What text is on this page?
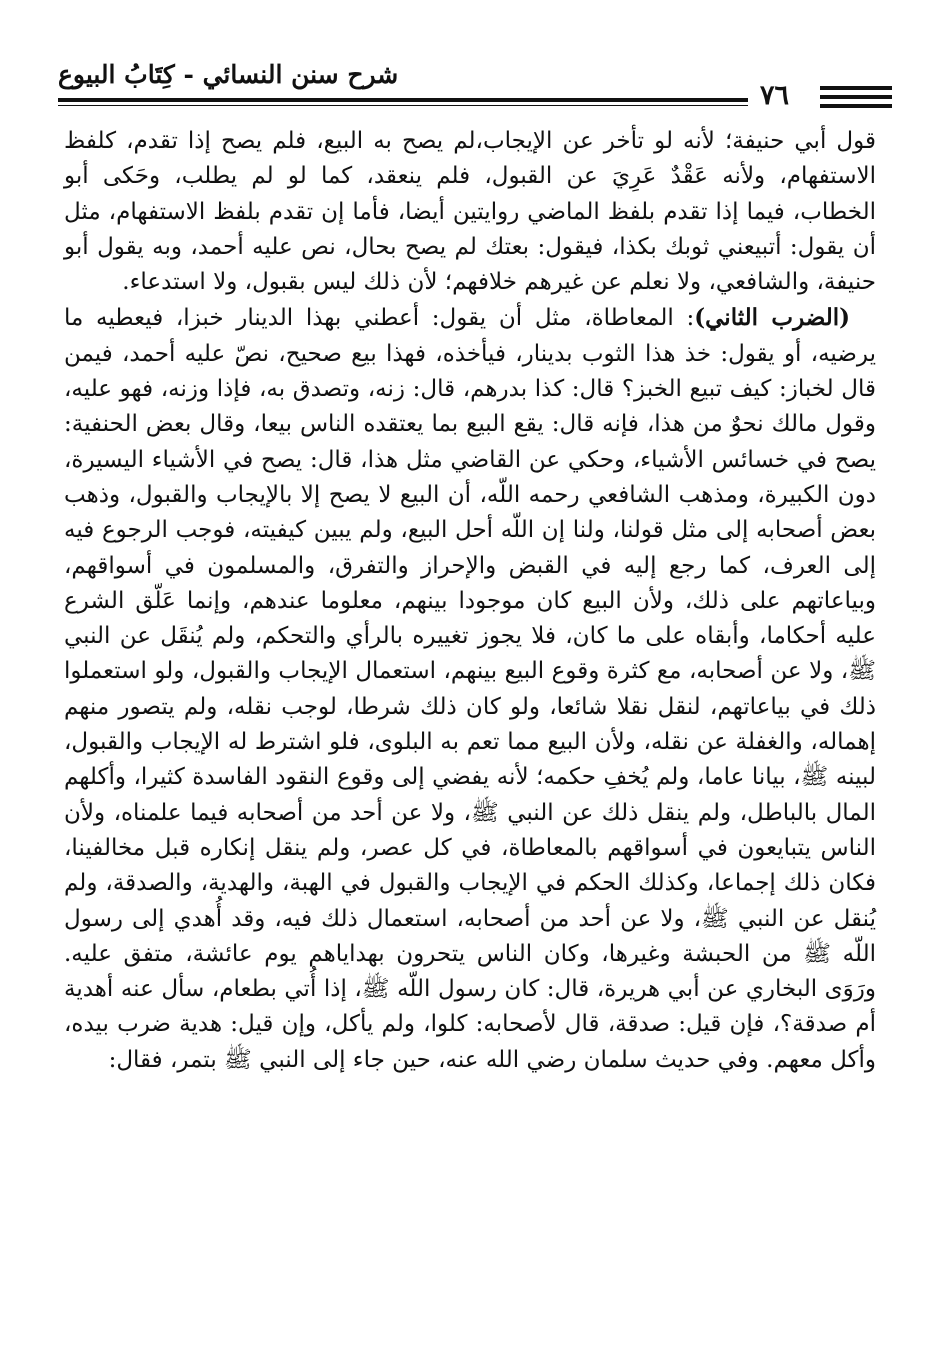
شرح سنن النسائي - كِتَابُ البيوع
٧٦

قول أبي حنيفة؛ لأنه لو تأخر عن الإيجاب،لم يصح به البيع، فلم يصح إذا تقدم، كلفظ الاستفهام، ولأنه عَقْدٌ عَرِيَ عن القبول، فلم ينعقد، كما لو لم يطلب، وحَكى أبو الخطاب، فيما إذا تقدم بلفظ الماضي روايتين أيضا، فأما إن تقدم بلفظ الاستفهام، مثل أن يقول: أتبيعني ثوبك بكذا، فيقول: بعتك لم يصح بحال، نص عليه أحمد، وبه يقول أبو حنيفة، والشافعي، ولا نعلم عن غيرهم خلافهم؛ لأن ذلك ليس بقبول، ولا استدعاء.

(الضرب الثاني): المعاطاة، مثل أن يقول: أعطني بهذا الدينار خبزا، فيعطيه ما يرضيه، أو يقول: خذ هذا الثوب بدينار، فيأخذه، فهذا بيع صحيح، نصّ عليه أحمد، فيمن قال لخباز: كيف تبيع الخبز؟ قال: كذا بدرهم، قال: زنه، وتصدق به، فإذا وزنه، فهو عليه، وقول مالك نحوٌ من هذا، فإنه قال: يقع البيع بما يعتقده الناس بيعا، وقال بعض الحنفية: يصح في خسائس الأشياء، وحكي عن القاضي مثل هذا، قال: يصح في الأشياء اليسيرة، دون الكبيرة، ومذهب الشافعي رحمه اللّه، أن البيع لا يصح إلا بالإيجاب والقبول، وذهب بعض أصحابه إلى مثل قولنا، ولنا إن اللّه أحل البيع، ولم يبين كيفيته، فوجب الرجوع فيه إلى العرف، كما رجع إليه في القبض والإحراز والتفرق، والمسلمون في أسواقهم، وبياعاتهم على ذلك، ولأن البيع كان موجودا بينهم، معلوما عندهم، وإنما عَلّق الشرع عليه أحكاما، وأبقاه على ما كان، فلا يجوز تغييره بالرأي والتحكم، ولم يُنقَل عن النبي ﷺ، ولا عن أصحابه، مع كثرة وقوع البيع بينهم، استعمال الإيجاب والقبول، ولو استعملوا ذلك في بياعاتهم، لنقل نقلا شائعا، ولو كان ذلك شرطا، لوجب نقله، ولم يتصور منهم إهماله، والغفلة عن نقله، ولأن البيع مما تعم به البلوى، فلو اشترط له الإيجاب والقبول، لبينه ﷺ، بيانا عاما، ولم يُخفِ حكمه؛ لأنه يفضي إلى وقوع النقود الفاسدة كثيرا، وأكلهم المال بالباطل، ولم ينقل ذلك عن النبي ﷺ، ولا عن أحد من أصحابه فيما علمناه، ولأن الناس يتبايعون في أسواقهم بالمعاطاة، في كل عصر، ولم ينقل إنكاره قبل مخالفينا، فكان ذلك إجماعا، وكذلك الحكم في الإيجاب والقبول في الهبة، والهدية، والصدقة، ولم يُنقل عن النبي ﷺ، ولا عن أحد من أصحابه، استعمال ذلك فيه، وقد أُهدي إلى رسول اللّه ﷺ من الحبشة وغيرها، وكان الناس يتحرون بهداياهم يوم عائشة، متفق عليه. ورَوَى البخاري عن أبي هريرة، قال: كان رسول اللّه ﷺ، إذا أُتي بطعام، سأل عنه أهدية أم صدقة؟، فإن قيل: صدقة، قال لأصحابه: كلوا، ولم يأكل، وإن قيل: هدية ضرب بيده، وأكل معهم. وفي حديث سلمان رضي الله عنه، حين جاء إلى النبي ﷺ بتمر، فقال:
